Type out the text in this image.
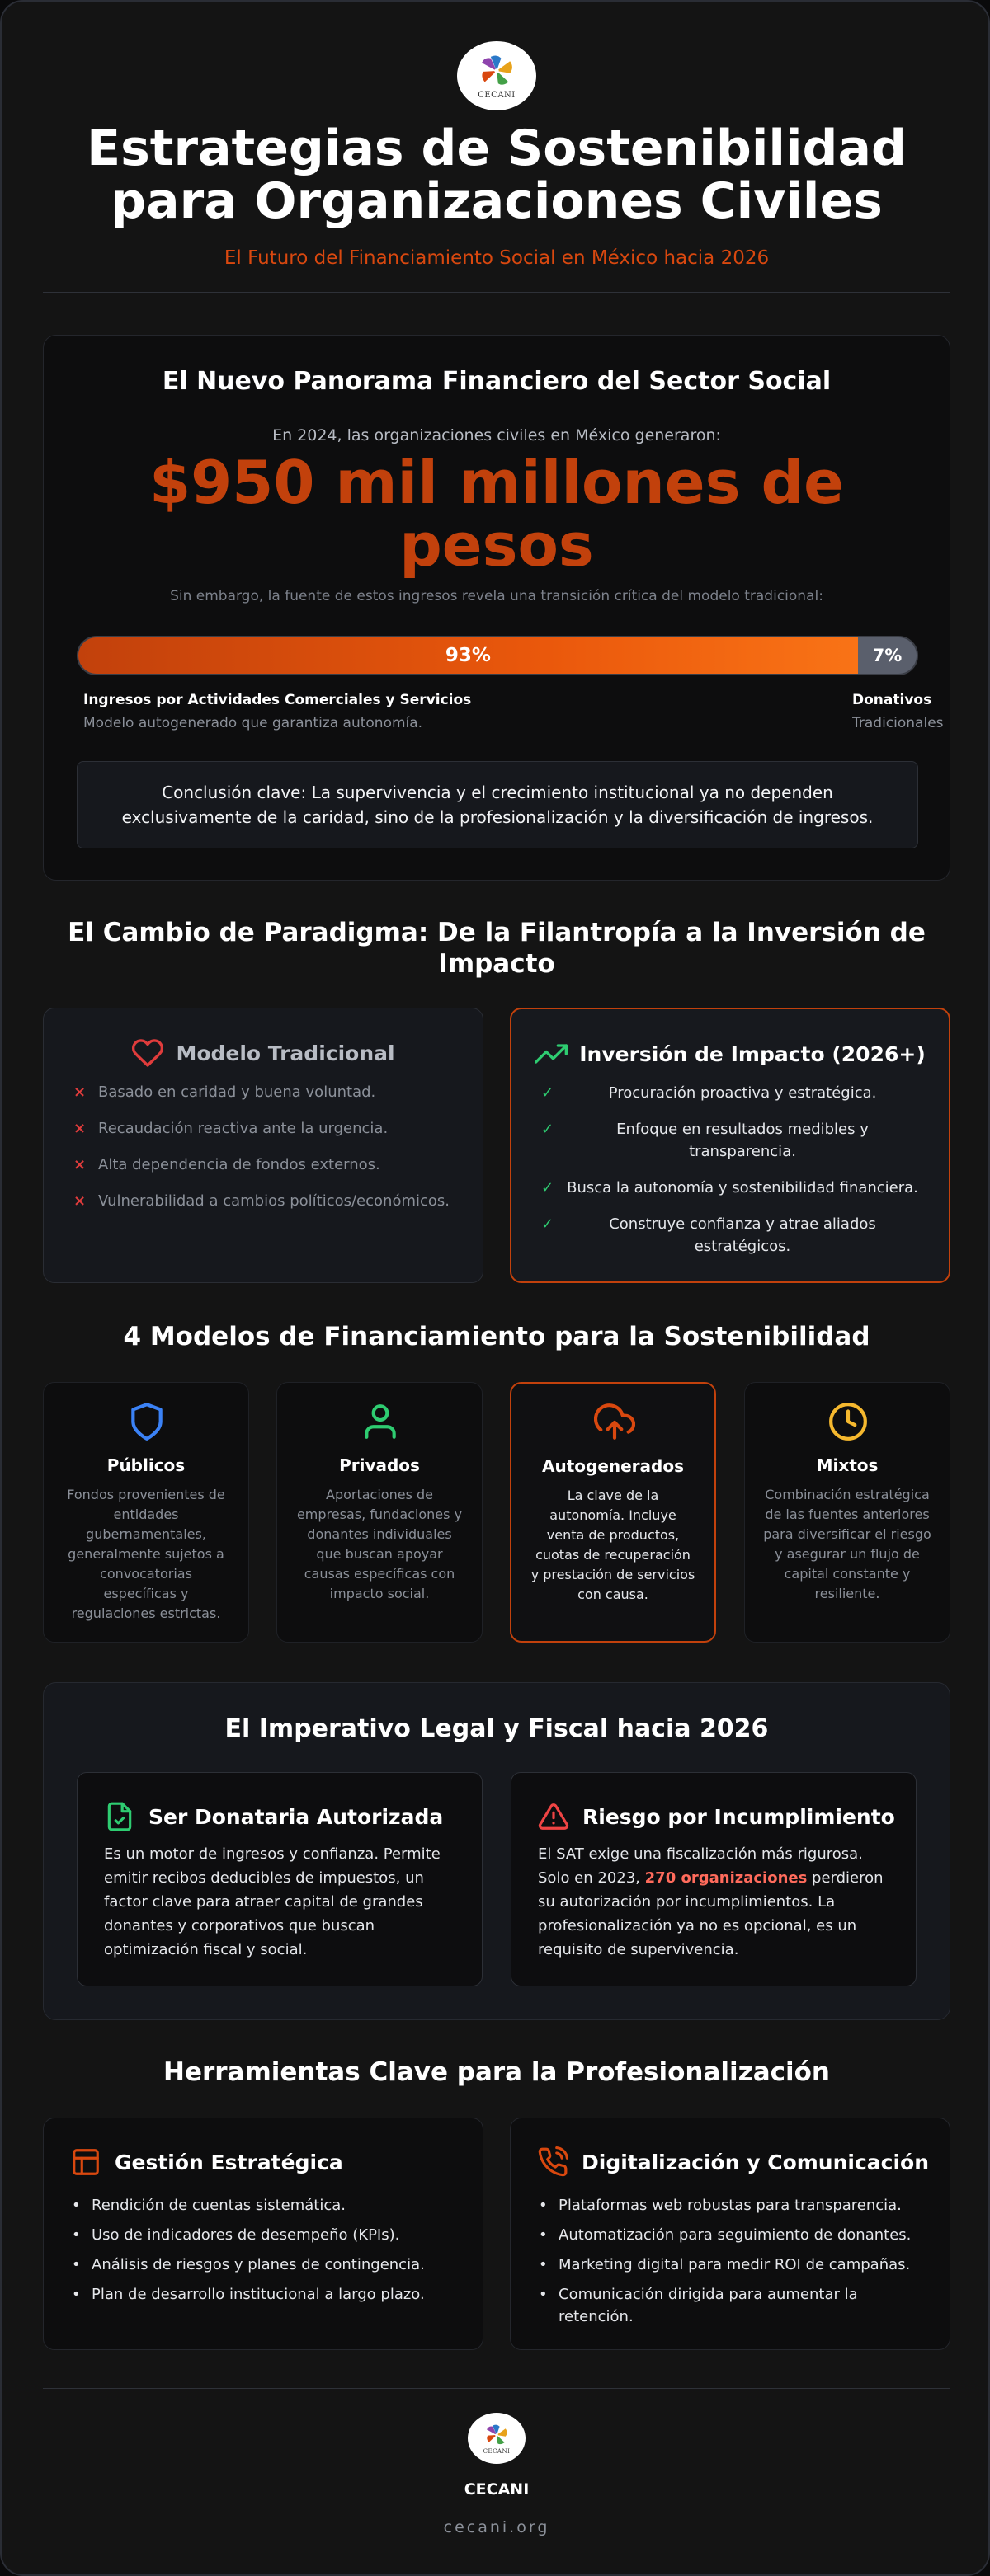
CECANI
Estrategias de Sostenibilidad
para Organizaciones Civiles
El Futuro del Financiamiento Social en México hacia 2026
El Nuevo Panorama Financiero del Sector Social
En 2024, las organizaciones civiles en México generaron:
$950 mil millones de
pesos
Sin embargo, la fuente de estos ingresos revela una transición crítica del modelo tradicional:
93%	7%
Ingresos por Actividades Comerciales y Servicios
Modelo autogenerado que garantiza autonomía.
Donativos
Tradicionales
Conclusión clave: La supervivencia y el crecimiento institucional ya no dependen exclusivamente de la caridad, sino de la profesionalización y la diversificación de ingresos.
El Cambio de Paradigma: De la Filantropía a la Inversión de Impacto
Modelo Tradicional
× Basado en caridad y buena voluntad.
× Recaudación reactiva ante la urgencia.
× Alta dependencia de fondos externos.
× Vulnerabilidad a cambios políticos/económicos.
Inversión de Impacto (2026+)
✓	Procuración proactiva y estratégica.
✓	Enfoque en resultados medibles y transparencia.
✓ Busca la autonomía y sostenibilidad financiera.
✓	Construye confianza y atrae aliados estratégicos.
4 Modelos de Financiamiento para la Sostenibilidad
Públicos
Fondos provenientes de entidades gubernamentales, generalmente sujetos a convocatorias específicas y regulaciones estrictas.
Privados
Aportaciones de empresas, fundaciones y donantes individuales que buscan apoyar causas específicas con impacto social.
Autogenerados
La clave de la autonomía. Incluye venta de productos, cuotas de recuperación y prestación de servicios con causa.
Mixtos
Combinación estratégica de las fuentes anteriores para diversificar el riesgo y asegurar un flujo de capital constante y resiliente.
El Imperativo Legal y Fiscal hacia 2026
Ser Donataria Autorizada
Es un motor de ingresos y confianza. Permite emitir recibos deducibles de impuestos, un factor clave para atraer capital de grandes donantes y corporativos que buscan optimización fiscal y social.
Riesgo por Incumplimiento
El SAT exige una fiscalización más rigurosa. Solo en 2023, 270 organizaciones perdieron su autorización por incumplimientos. La profesionalización ya no es opcional, es un requisito de supervivencia.
Herramientas Clave para la Profesionalización
Gestión Estratégica
• Rendición de cuentas sistemática.
• Uso de indicadores de desempeño (KPIs).
• Análisis de riesgos y planes de contingencia.
• Plan de desarrollo institucional a largo plazo.
Digitalización y Comunicación
• Plataformas web robustas para transparencia.
• Automatización para seguimiento de donantes.
• Marketing digital para medir ROI de campañas.
• Comunicación dirigida para aumentar la retención.
CECANI
CECANI
cecani.org
